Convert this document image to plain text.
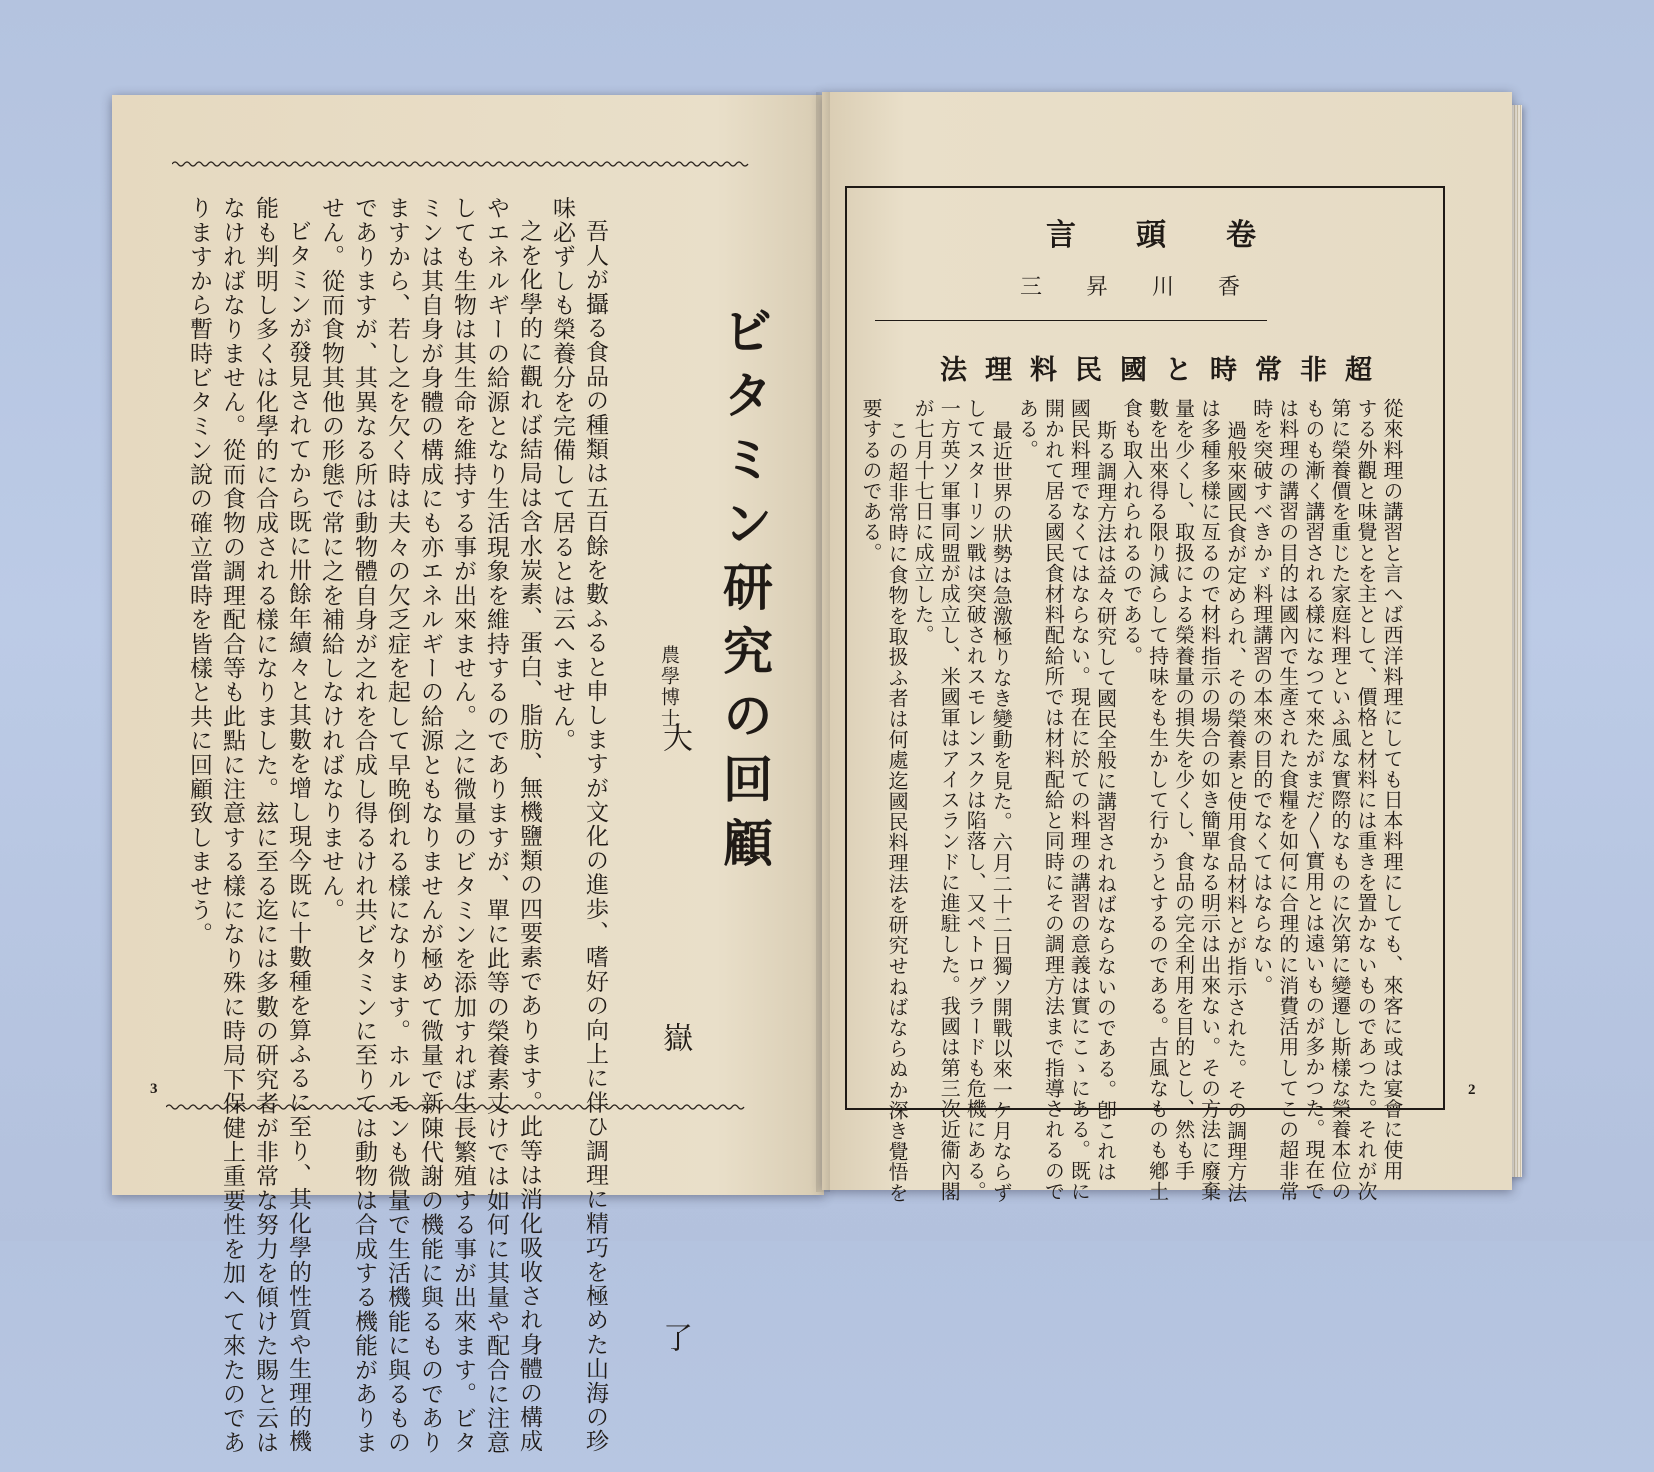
ビタミン研究の回顧
農學博士
大　嶽　了
吾人が攝る食品の種類は五百餘を數ふると申しますが文化の進歩、嗜好の向上に伴ひ調理に精巧を極めた山海の珍
味必ずしも榮養分を完備して居るとは云へません。
之を化學的に觀れば結局は含水炭素、蛋白、脂肪、無機鹽類の四要素であります。此等は消化吸收され身體の構成
やエネルギーの給源となり生活現象を維持するのでありますが、單に此等の榮養素丈けでは如何に其量や配合に注意
しても生物は其生命を維持する事が出來ません。之に微量のビタミンを添加すれば生長繁殖する事が出來ます。ビタ
ミンは其自身が身體の構成にも亦エネルギーの給源ともなりませんが極めて微量で新陳代謝の機能に與るものであり
ますから、若し之を欠く時は夫々の欠乏症を起して早晩倒れる樣になります。ホルモンも微量で生活機能に與るもの
でありますが、其異なる所は動物體自身が之れを合成し得るけれ共ビタミンに至りては動物は合成する機能がありま
せん。從而食物其他の形態で常に之を補給しなければなりません。
ビタミンが發見されてから既に卅餘年續々と其數を增し現今既に十數種を算ふるに至り、其化學的性質や生理的機
能も判明し多くは化學的に合成される樣になりました。玆に至る迄には多數の研究者が非常な努力を傾けた賜と云は
なければなりません。從而食物の調理配合等も此點に注意する樣になり殊に時局下保健上重要性を加へて來たのであ
りますから暫時ビタミン說の確立當時を皆樣と共に回顧致しませう。
3
卷　　頭　　言
香　　川　　昇　　三
超非常時と國民料理法
2
從來料理の講習と言へば西洋料理にしても日本料理にしても、來客に或は宴會に使用
する外觀と味覺とを主として、價格と材料には重きを置かないものであつた。それが次
第に榮養價を重じた家庭料理といふ風な實際的なものに次第に變遷し斯樣な榮養本位の
ものも漸く講習される樣になつて來たがまだ〳〵實用とは遠いものが多かつた。現在で
は料理の講習の目的は國內で生產された食糧を如何に合理的に消費活用してこの超非常
時を突破すべきかゞ料理講習の本來の目的でなくてはならない。
過般來國民食が定められ、その榮養素と使用食品材料とが指示された。その調理方法
は多種多樣に亙るので材料指示の場合の如き簡單なる明示は出來ない。その方法に廢棄
量を少くし、取扱による榮養量の損失を少くし、食品の完全利用を目的とし、然も手
數を出來得る限り減らして持味をも生かして行かうとするのである。古風なものも鄕土
食も取入れられるのである。
斯る調理方法は益々研究して國民全般に講習されねばならないのである。卽これは
國民料理でなくてはならない。現在に於ての料理の講習の意義は實にこゝにある。既に
開かれて居る國民食材料配給所では材料配給と同時にその調理方法まで指導されるので
ある。
最近世界の狀勢は急激極りなき變動を見た。六月二十二日獨ソ開戰以來一ケ月ならず
してスターリン戰は突破されスモレンスクは陷落し、又ペトログラードも危機にある。
一方英ソ軍事同盟が成立し、米國軍はアイスランドに進駐した。我國は第三次近衞內閣
が七月十七日に成立した。
この超非常時に食物を取扱ふ者は何處迄國民料理法を研究せねばならぬか深き覺悟を
要するのである。
